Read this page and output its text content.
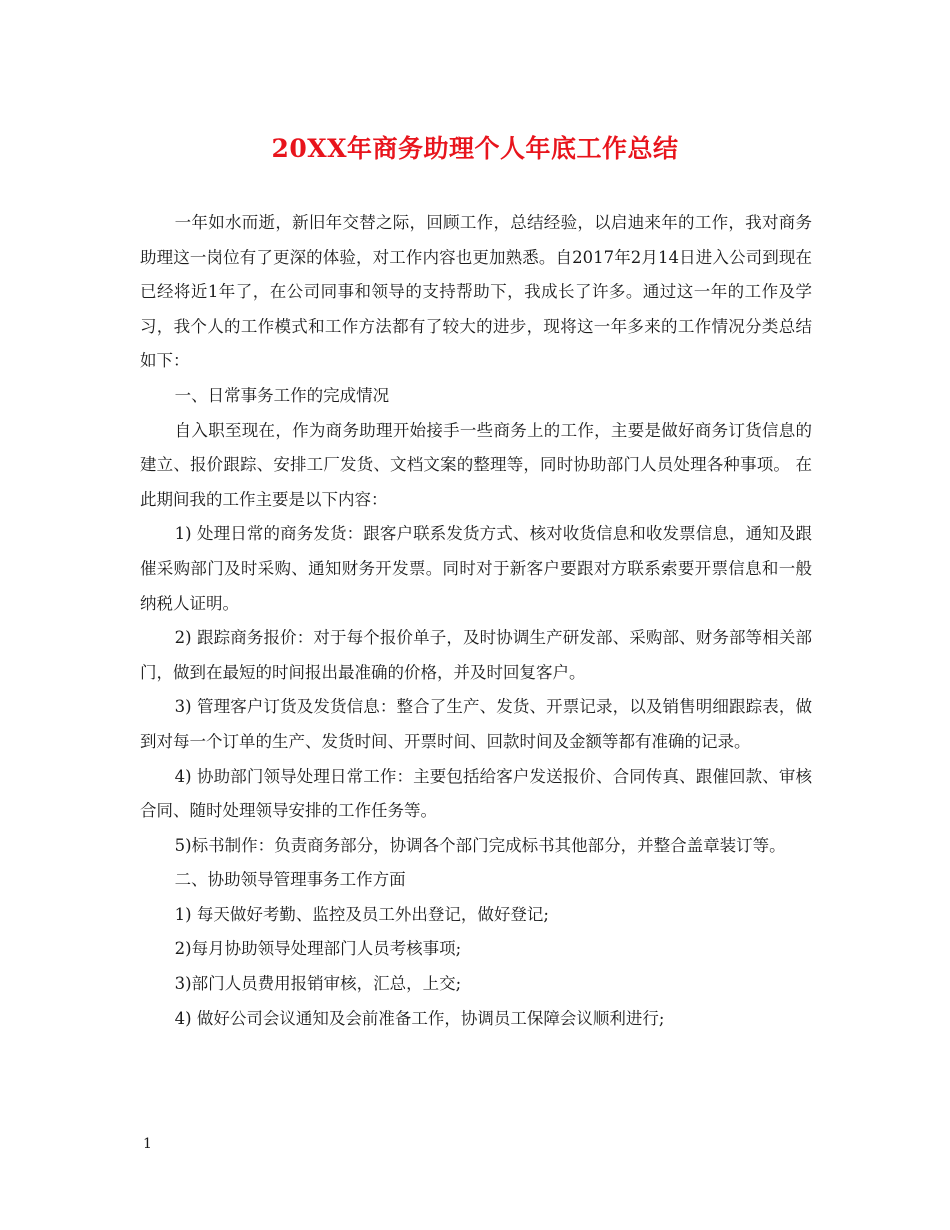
20XX年商务助理个人年底工作总结

一年如水而逝，新旧年交替之际，回顾工作，总结经验，以启迪来年的工作，我对商务助理这一岗位有了更深的体验，对工作内容也更加熟悉。自2017年2月14日进入公司到现在已经将近1年了，在公司同事和领导的支持帮助下，我成长了许多。通过这一年的工作及学习，我个人的工作模式和工作方法都有了较大的进步，现将这一年多来的工作情况分类总结如下：

一、日常事务工作的完成情况

自入职至现在，作为商务助理开始接手一些商务上的工作，主要是做好商务订货信息的建立、报价跟踪、安排工厂发货、文档文案的整理等，同时协助部门人员处理各种事项。 在此期间我的工作主要是以下内容：

1) 处理日常的商务发货：跟客户联系发货方式、核对收货信息和收发票信息，通知及跟催采购部门及时采购、通知财务开发票。同时对于新客户要跟对方联系索要开票信息和一般纳税人证明。

2) 跟踪商务报价：对于每个报价单子，及时协调生产研发部、采购部、财务部等相关部门，做到在最短的时间报出最准确的价格，并及时回复客户。

3) 管理客户订货及发货信息：整合了生产、发货、开票记录，以及销售明细跟踪表，做到对每一个订单的生产、发货时间、开票时间、回款时间及金额等都有准确的记录。

4) 协助部门领导处理日常工作：主要包括给客户发送报价、合同传真、跟催回款、审核合同、随时处理领导安排的工作任务等。

5)标书制作：负责商务部分，协调各个部门完成标书其他部分，并整合盖章装订等。

二、协助领导管理事务工作方面

1) 每天做好考勤、监控及员工外出登记，做好登记;

2)每月协助领导处理部门人员考核事项;

3)部门人员费用报销审核，汇总，上交;

4) 做好公司会议通知及会前准备工作，协调员工保障会议顺利进行;

1
